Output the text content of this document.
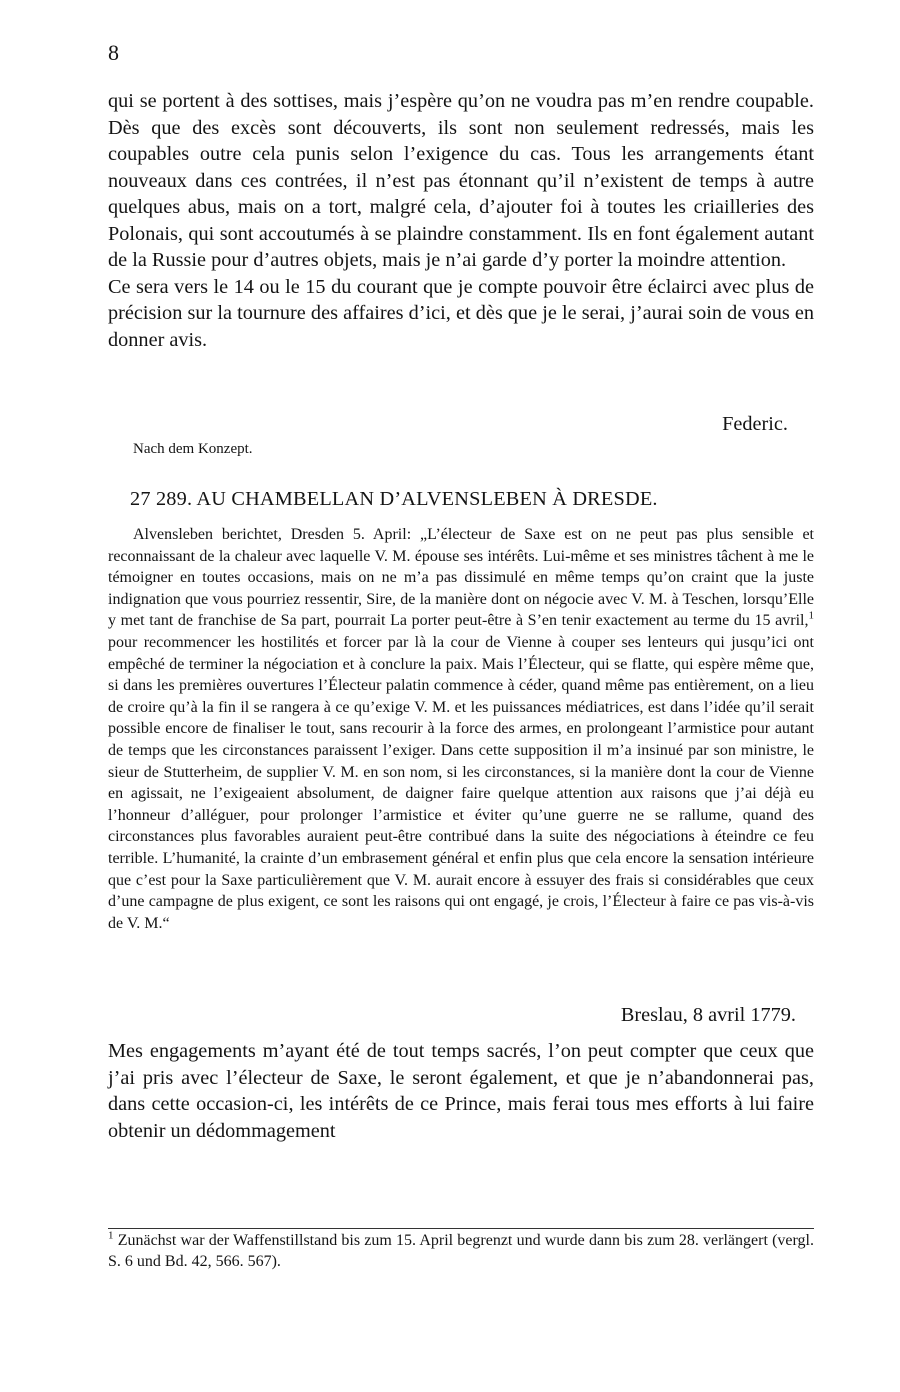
8

qui se portent à des sottises, mais j’espère qu’on ne voudra pas m’en rendre coupable. Dès que des excès sont découverts, ils sont non seulement redressés, mais les coupables outre cela punis selon l’exigence du cas. Tous les arrangements étant nouveaux dans ces contrées, il n’est pas étonnant qu’il n’existent de temps à autre quelques abus, mais on a tort, malgré cela, d’ajouter foi à toutes les criailleries des Polonais, qui sont accoutumés à se plaindre constamment. Ils en font également autant de la Russie pour d’autres objets, mais je n’ai garde d’y porter la moindre attention.

Ce sera vers le 14 ou le 15 du courant que je compte pouvoir être éclairci avec plus de précision sur la tournure des affaires d’ici, et dès que je le serai, j’aurai soin de vous en donner avis.

Federic.
Nach dem Konzept.
27 289. AU CHAMBELLAN D’ALVENSLEBEN À DRESDE.

Alvensleben berichtet, Dresden 5. April: „L’électeur de Saxe est on ne peut pas plus sensible et reconnaissant de la chaleur avec laquelle V. M. épouse ses intérêts. Lui-même et ses ministres tâchent à me le témoigner en toutes occasions, mais on ne m’a pas dissimulé en même temps qu’on craint que la juste indignation que vous pourriez ressentir, Sire, de la manière dont on négocie avec V. M. à Teschen, lorsqu’Elle y met tant de franchise de Sa part, pourrait La porter peut-être à S’en tenir exactement au terme du 15 avril,$^1$ pour recommencer les hostilités et forcer par là la cour de Vienne à couper ses lenteurs qui jusqu’ici ont empêché de terminer la négociation et à conclure la paix. Mais l’Électeur, qui se flatte, qui espère même que, si dans les premières ouvertures l’Électeur palatin commence à céder, quand même pas entièrement, on a lieu de croire qu’à la fin il se rangera à ce qu’exige V. M. et les puissances médiatrices, est dans l’idée qu’il serait possible encore de finaliser le tout, sans recourir à la force des armes, en prolongeant l’armistice pour autant de temps que les circonstances paraissent l’exiger. Dans cette supposition il m’a insinué par son ministre, le sieur de Stutterheim, de supplier V. M. en son nom, si les circonstances, si la manière dont la cour de Vienne en agissait, ne l’exigeaient absolument, de daigner faire quelque attention aux raisons que j’ai déjà eu l’honneur d’alléguer, pour prolonger l’armistice et éviter qu’une guerre ne se rallume, quand des circonstances plus favorables auraient peut-être contribué dans la suite des négociations à éteindre ce feu terrible. L’humanité, la crainte d’un embrasement général et enfin plus que cela encore la sensation intérieure que c’est pour la Saxe particulièrement que V. M. aurait encore à essuyer des frais si considérables que ceux d’une campagne de plus exigent, ce sont les raisons qui ont engagé, je crois, l’Électeur à faire ce pas vis-à-vis de V. M.“

Breslau, 8 avril 1779.

Mes engagements m’ayant été de tout temps sacrés, l’on peut compter que ceux que j’ai pris avec l’électeur de Saxe, le seront également, et que je n’abandonnerai pas, dans cette occasion-ci, les intérêts de ce Prince, mais ferai tous mes efforts à lui faire obtenir un dédommagement

$^1$ Zunächst war der Waffenstillstand bis zum 15. April begrenzt und wurde dann bis zum 28. verlängert (vergl. S. 6 und Bd. 42, 566. 567).
